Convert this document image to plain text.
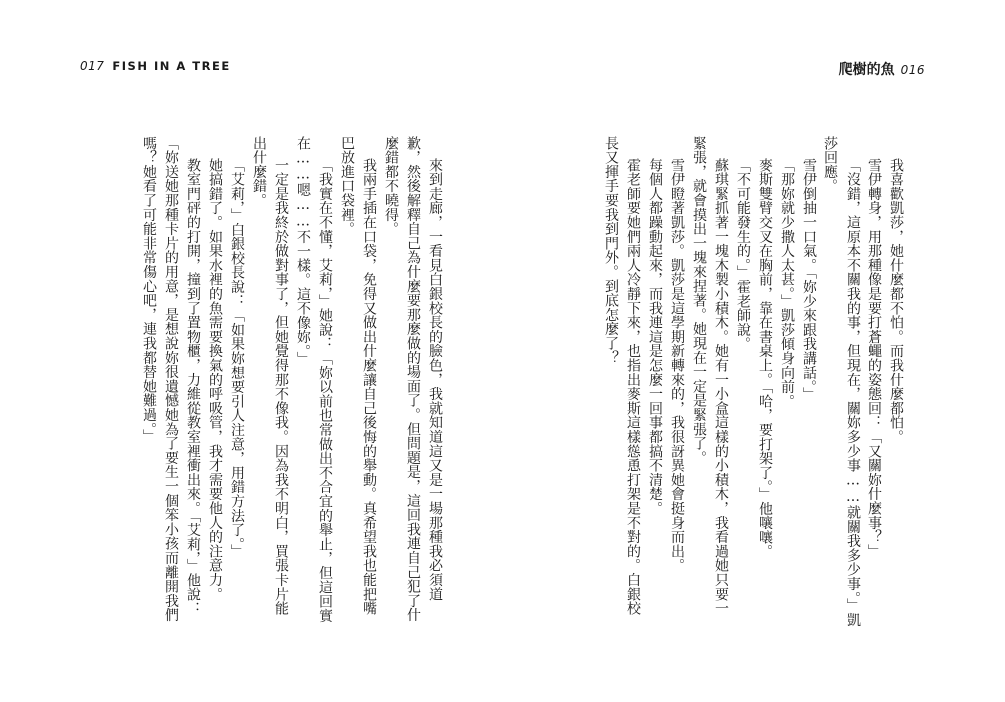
017 FISH IN A TREE	爬樹的魚 016
我喜歡凱莎，她什麼都不怕。而我什麼都怕。
雪伊轉身，用那種像是要打蒼蠅的姿態回：「又關妳什麼事？」
「沒錯，這原本不關我的事，但現在，關妳多少事……就關我多少事。」凱
莎回應。
雪伊倒抽一口氣。「妳少來跟我講話。」
「那妳就少撒人太甚。」凱莎傾身向前。
麥斯雙臂交叉在胸前，靠在書桌上。「哈，要打架了。」他嚷嚷。
「不可能發生的。」霍老師說。
蘇琪緊抓著一塊木製小積木。她有一小盒這樣的小積木，我看過她只要一
緊張，就會摸出一塊來捏著。她現在一定是緊張了。
雪伊瞪著凱莎。凱莎是這學期新轉來的，我很訝異她會挺身而出。
每個人都躁動起來，而我連這是怎麼一回事都搞不清楚。
霍老師要她們兩人冷靜下來，也指出麥斯這樣慫恿打架是不對的。白銀校
長又揮手要我到門外。到底怎麼了？
來到走廊，一看見白銀校長的臉色，我就知道這又是一場那種我必須道
歉，然後解釋自己為什麼要那麼做的場面了。但問題是，這回我連自己犯了什
麼錯都不曉得。
我兩手插在口袋，免得又做出什麼讓自己後悔的舉動。真希望我也能把嘴
巴放進口袋裡。
「我實在不懂，艾莉，」她說：「妳以前也常做出不合宜的舉止，但這回實
在……嗯……不一樣。這不像妳。」
一定是我終於做對事了，但她覺得那不像我。因為我不明白，買張卡片能
出什麼錯。
「艾莉，」白銀校長說：「如果妳想要引人注意，用錯方法了。」
她搞錯了。如果水裡的魚需要換氣的呼吸管，我才需要他人的注意力。
教室門砰的打開，撞到了置物櫃，力維從教室裡衝出來。「艾莉，」他說：
「妳送她那種卡片的用意，是想說妳很遺憾她為了要生一個笨小孩而離開我們
嗎？她看了可能非常傷心吧，連我都替她難過。」
